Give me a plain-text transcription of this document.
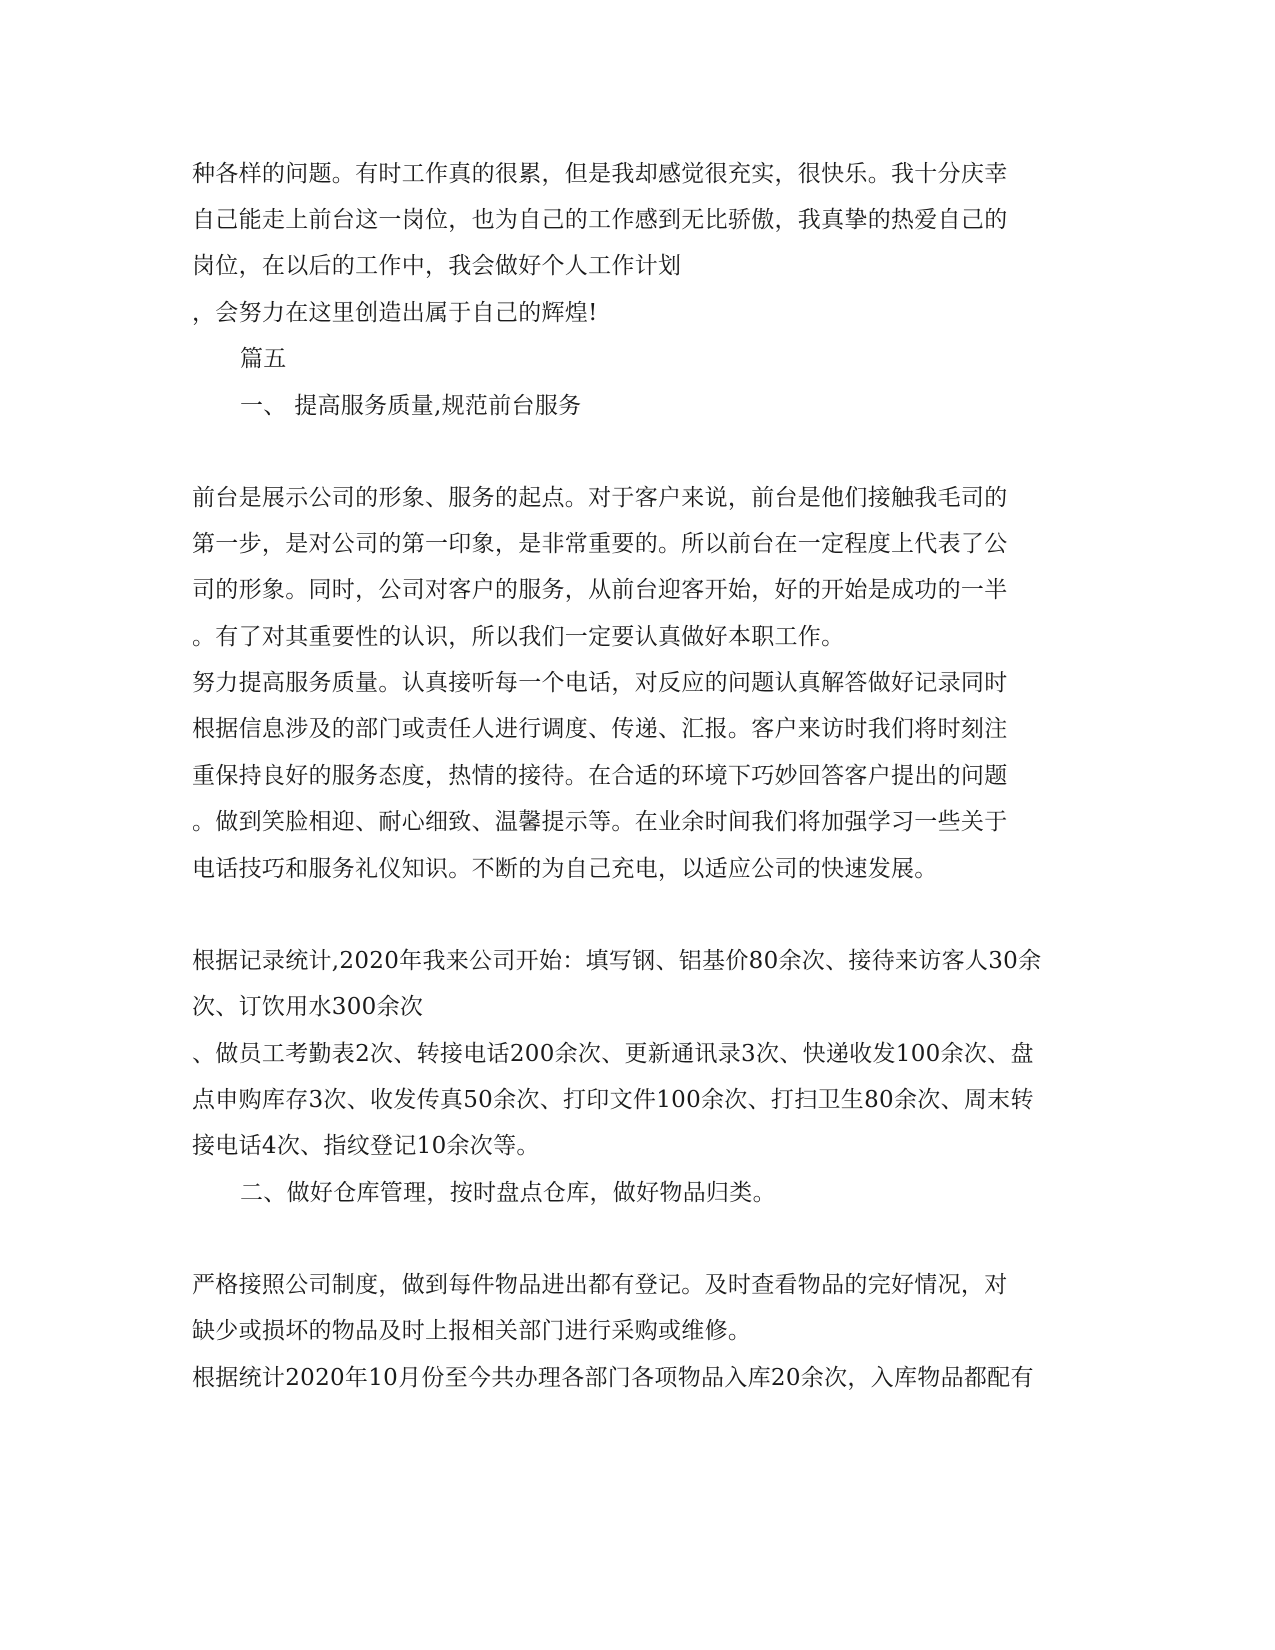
种各样的问题。有时工作真的很累，但是我却感觉很充实，很快乐。我十分庆幸
自己能走上前台这一岗位，也为自己的工作感到无比骄傲，我真挚的热爱自己的
岗位，在以后的工作中，我会做好个人工作计划
，会努力在这里创造出属于自己的辉煌!
篇五
一、 提高服务质量,规范前台服务
前台是展示公司的形象、服务的起点。对于客户来说，前台是他们接触我毛司的
第一步，是对公司的第一印象，是非常重要的。所以前台在一定程度上代表了公
司的形象。同时，公司对客户的服务，从前台迎客开始，好的开始是成功的一半
。有了对其重要性的认识，所以我们一定要认真做好本职工作。
努力提高服务质量。认真接听每一个电话，对反应的问题认真解答做好记录同时
根据信息涉及的部门或责任人进行调度、传递、汇报。客户来访时我们将时刻注
重保持良好的服务态度，热情的接待。在合适的环境下巧妙回答客户提出的问题
。做到笑脸相迎、耐心细致、温馨提示等。在业余时间我们将加强学习一些关于
电话技巧和服务礼仪知识。不断的为自己充电，以适应公司的快速发展。
根据记录统计,2020年我来公司开始：填写钢、铝基价80余次、接待来访客人30余
次、订饮用水300余次
、做员工考勤表2次、转接电话200余次、更新通讯录3次、快递收发100余次、盘
点申购库存3次、收发传真50余次、打印文件100余次、打扫卫生80余次、周末转
接电话4次、指纹登记10余次等。
二、做好仓库管理，按时盘点仓库，做好物品归类。
严格接照公司制度，做到每件物品进出都有登记。及时查看物品的完好情况，对
缺少或损坏的物品及时上报相关部门进行采购或维修。
根据统计2020年10月份至今共办理各部门各项物品入库20余次，入库物品都配有
